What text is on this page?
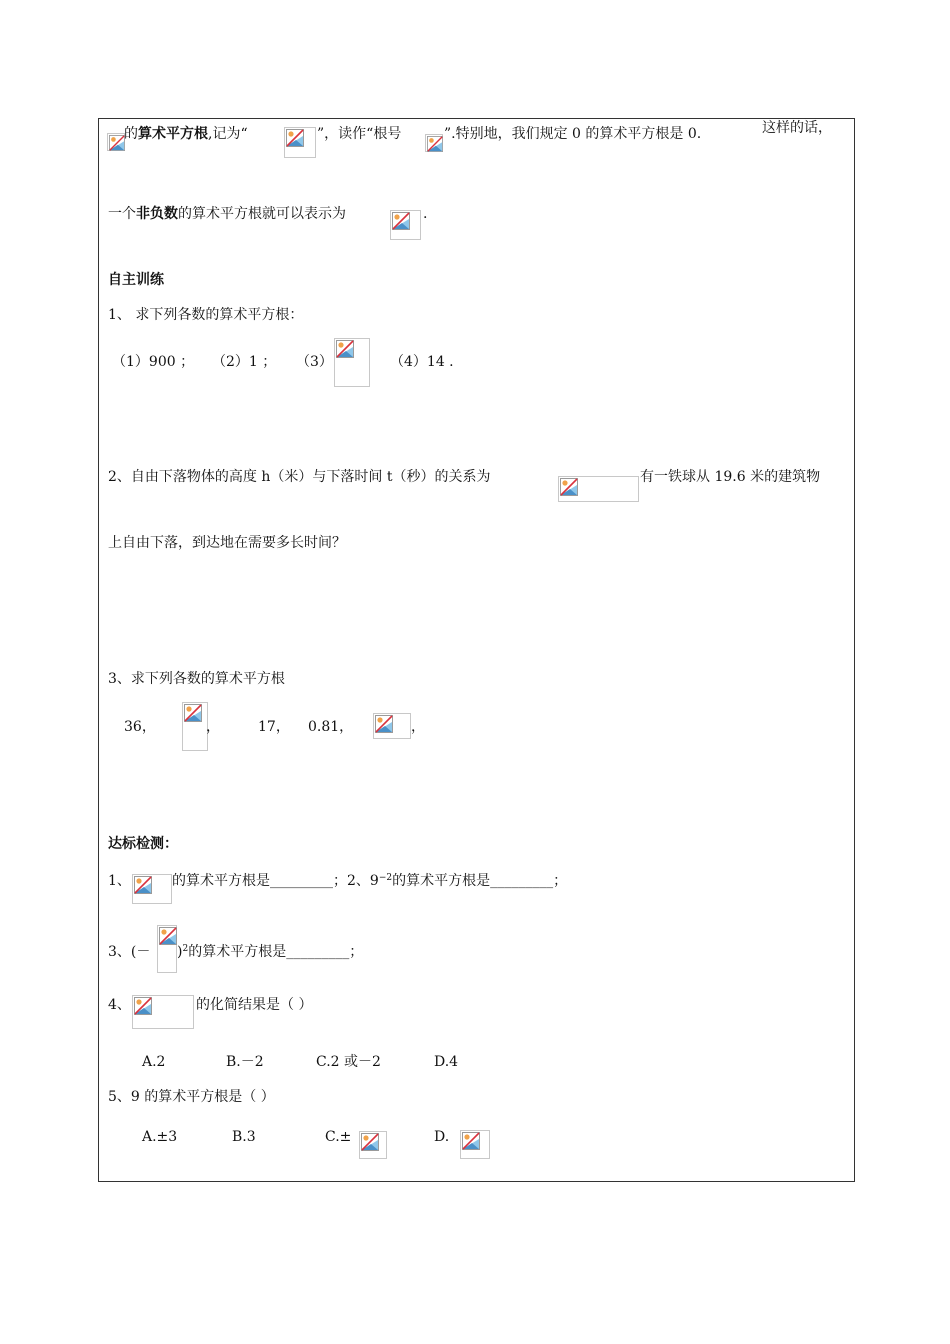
的算术平方根,记为“	”，读作“根号	”.特别地，我们规定 0 的算术平方根是 0.	这样的话，
一个非负数的算术平方根就可以表示为	.
自主训练
1、 求下列各数的算术平方根：
（1）900 ； （2）1 ； （3）	（4）14 .
2、自由下落物体的高度 h（米）与下落时间 t（秒）的关系为	有一铁球从 19.6 米的建筑物
上自由下落，到达地在需要多长时间？
3、求下列各数的算术平方根
36，	，	17， 0.81，	，
达标检测：
1、	的算术平方根是_________；2、$9^{-2}$的算术平方根是_________；
3、(－ )$^2$的算术平方根是_________；
4、	的化简结果是（ ）
A.2	B.－2	C.2 或－2	D.4
5、9 的算术平方根是（ ）
A.±3	B.3	C.±	D.
